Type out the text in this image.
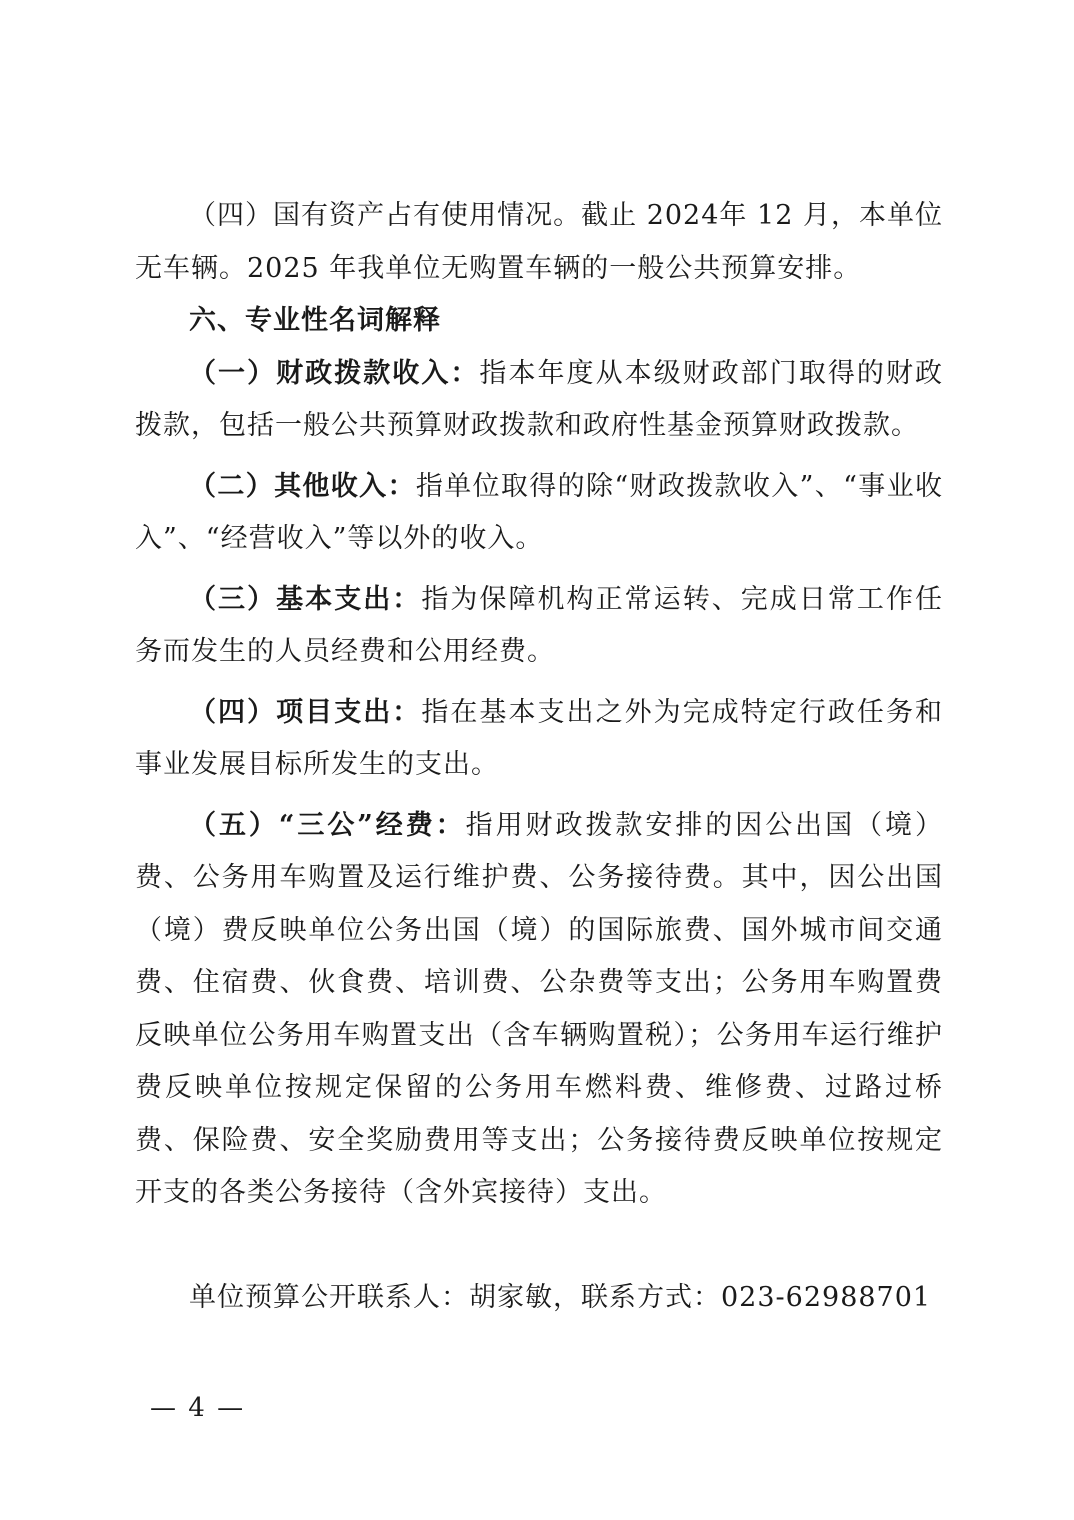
（四）国有资产占有使用情况。截止 2024年 12 月，本单位无车辆。2025 年我单位无购置车辆的一般公共预算安排。

六、专业性名词解释

（一）财政拨款收入：指本年度从本级财政部门取得的财政拨款，包括一般公共预算财政拨款和政府性基金预算财政拨款。

（二）其他收入：指单位取得的除“财政拨款收入”、“事业收入”、“经营收入”等以外的收入。

（三）基本支出：指为保障机构正常运转、完成日常工作任务而发生的人员经费和公用经费。

（四）项目支出：指在基本支出之外为完成特定行政任务和事业发展目标所发生的支出。

（五）“三公”经费：指用财政拨款安排的因公出国（境）费、公务用车购置及运行维护费、公务接待费。其中，因公出国（境）费反映单位公务出国（境）的国际旅费、国外城市间交通费、住宿费、伙食费、培训费、公杂费等支出；公务用车购置费反映单位公务用车购置支出（含车辆购置税）；公务用车运行维护费反映单位按规定保留的公务用车燃料费、维修费、过路过桥费、保险费、安全奖励费用等支出；公务接待费反映单位按规定开支的各类公务接待（含外宾接待）支出。

单位预算公开联系人：胡家敏，联系方式：023-62988701

— 4 —
